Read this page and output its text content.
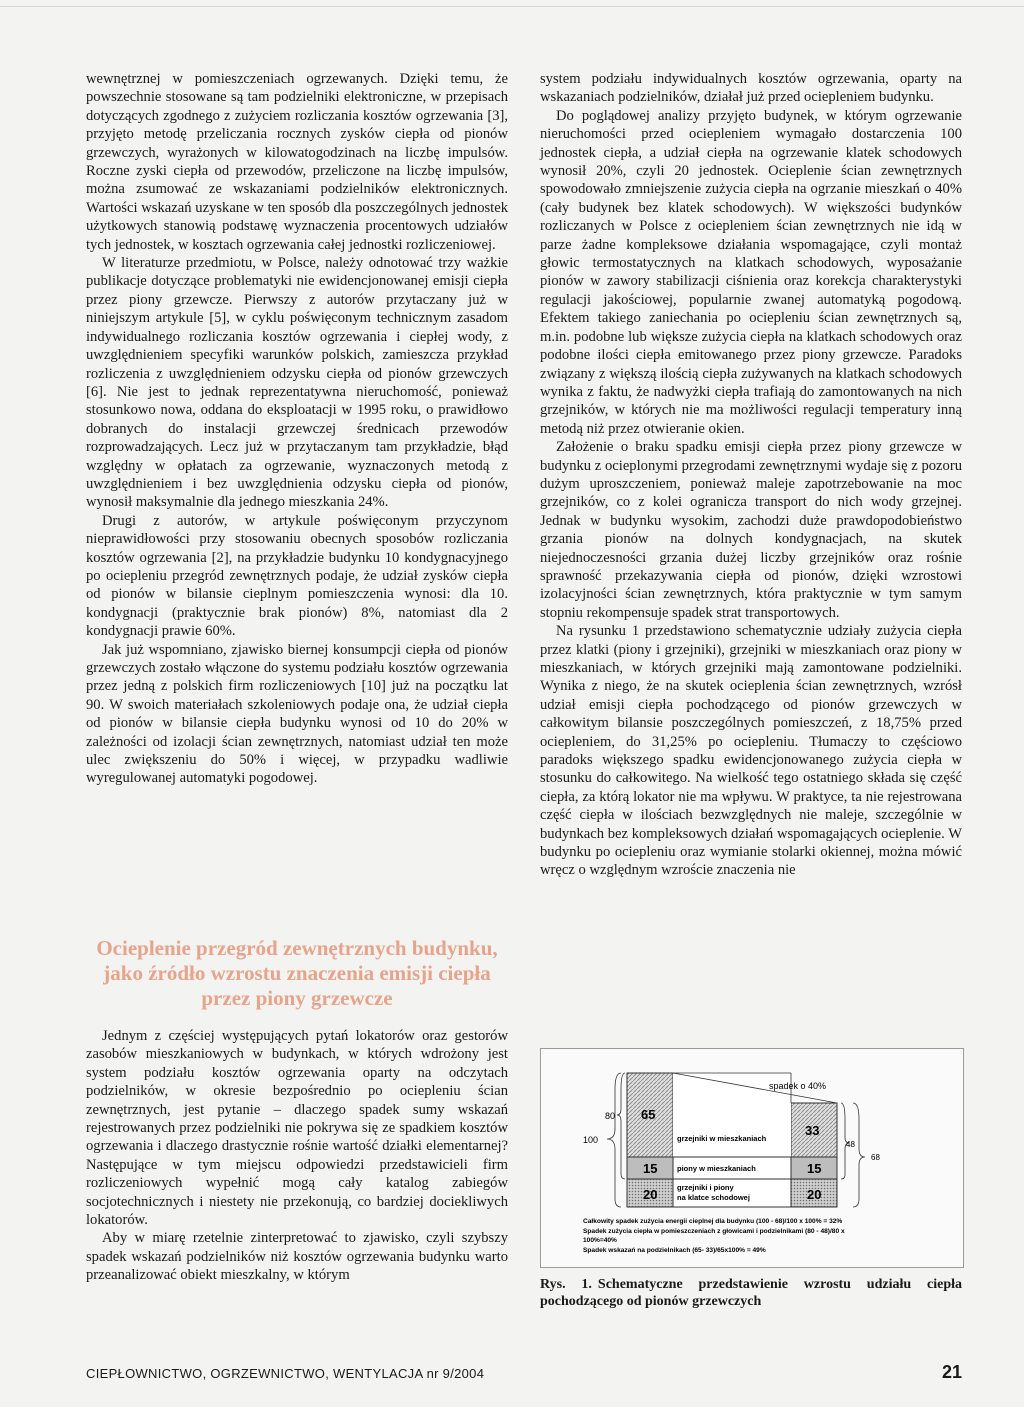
wewnętrznej w pomieszczeniach ogrzewanych. Dzięki temu, że powszechnie stosowane są tam podzielniki elektroniczne, w przepisach dotyczących zgodnego z zużyciem rozliczania kosztów ogrzewania [3], przyjęto metodę przeliczania rocznych zysków ciepła od pionów grzewczych, wyrażonych w kilowatogodzinach na liczbę impulsów. Roczne zyski ciepła od przewodów, przeliczone na liczbę impulsów, można zsumować ze wskazaniami podzielników elektronicznych. Wartości wskazań uzyskane w ten sposób dla poszczególnych jednostek użytkowych stanowią podstawę wyznaczenia procentowych udziałów tych jednostek, w kosztach ogrzewania całej jednostki rozliczeniowej.

W literaturze przedmiotu, w Polsce, należy odnotować trzy ważkie publikacje dotyczące problematyki nie ewidencjonowanej emisji ciepła przez piony grzewcze. Pierwszy z autorów przytaczany już w niniejszym artykule [5], w cyklu poświęconym technicznym zasadom indywidualnego rozliczania kosztów ogrzewania i ciepłej wody, z uwzględnieniem specyfiki warunków polskich, zamieszcza przykład rozliczenia z uwzględnieniem odzysku ciepła od pionów grzewczych [6]. Nie jest to jednak reprezentatywna nieruchomość, ponieważ stosunkowo nowa, oddana do eksploatacji w 1995 roku, o prawidłowo dobranych do instalacji grzewczej średnicach przewodów rozprowadzających. Lecz już w przytaczanym tam przykładzie, błąd względny w opłatach za ogrzewanie, wyznaczonych metodą z uwzględnieniem i bez uwzględnienia odzysku ciepła od pionów, wynosił maksymalnie dla jednego mieszkania 24%.

Drugi z autorów, w artykule poświęconym przyczynom nieprawidłowości przy stosowaniu obecnych sposobów rozliczania kosztów ogrzewania [2], na przykładzie budynku 10 kondygnacyjnego po ociepleniu przegród zewnętrznych podaje, że udział zysków ciepła od pionów w bilansie cieplnym pomieszczenia wynosi: dla 10. kondygnacji (praktycznie brak pionów) 8%, natomiast dla 2 kondygnacji prawie 60%.

Jak już wspomniano, zjawisko biernej konsumpcji ciepła od pionów grzewczych zostało włączone do systemu podziału kosztów ogrzewania przez jedną z polskich firm rozliczeniowych [10] już na początku lat 90. W swoich materiałach szkoleniowych podaje ona, że udział ciepła od pionów w bilansie ciepła budynku wynosi od 10 do 20% w zależności od izolacji ścian zewnętrznych, natomiast udział ten może ulec zwiększeniu do 50% i więcej, w przypadku wadliwie wyregulowanej automatyki pogodowej.

Ocieplenie przegród zewnętrznych budynku,
jako źródło wzrostu znaczenia emisji ciepła
przez piony grzewcze

Jednym z częściej występujących pytań lokatorów oraz gestorów zasobów mieszkaniowych w budynkach, w których wdrożony jest system podziału kosztów ogrzewania oparty na odczytach podzielników, w okresie bezpośrednio po ociepleniu ścian zewnętrznych, jest pytanie – dlaczego spadek sumy wskazań rejestrowanych przez podzielniki nie pokrywa się ze spadkiem kosztów ogrzewania i dlaczego drastycznie rośnie wartość działki elementarnej? Następujące w tym miejscu odpowiedzi przedstawicieli firm rozliczeniowych wypełnić mogą cały katalog zabiegów socjotechnicznych i niestety nie przekonują, co bardziej dociekliwych lokatorów.

Aby w miarę rzetelnie zinterpretować to zjawisko, czyli szybszy spadek wskazań podzielników niż kosztów ogrzewania budynku warto przeanalizować obiekt mieszkalny, w którym

system podziału indywidualnych kosztów ogrzewania, oparty na wskazaniach podzielników, działał już przed ociepleniem budynku.

Do poglądowej analizy przyjęto budynek, w którym ogrzewanie nieruchomości przed ociepleniem wymagało dostarczenia 100 jednostek ciepła, a udział ciepła na ogrzewanie klatek schodowych wynosił 20%, czyli 20 jednostek. Ocieplenie ścian zewnętrznych spowodowało zmniejszenie zużycia ciepła na ogrzanie mieszkań o 40% (cały budynek bez klatek schodowych). W większości budynków rozliczanych w Polsce z ociepleniem ścian zewnętrznych nie idą w parze żadne kompleksowe działania wspomagające, czyli montaż głowic termostatycznych na klatkach schodowych, wyposażanie pionów w zawory stabilizacji ciśnienia oraz korekcja charakterystyki regulacji jakościowej, popularnie zwanej automatyką pogodową. Efektem takiego zaniechania po ociepleniu ścian zewnętrznych są, m.in. podobne lub większe zużycia ciepła na klatkach schodowych oraz podobne ilości ciepła emitowanego przez piony grzewcze. Paradoks związany z większą ilością ciepła zużywanych na klatkach schodowych wynika z faktu, że nadwyżki ciepła trafiają do zamontowanych na nich grzejników, w których nie ma możliwości regulacji temperatury inną metodą niż przez otwieranie okien.

Założenie o braku spadku emisji ciepła przez piony grzewcze w budynku z ocieplonymi przegrodami zewnętrznymi wydaje się z pozoru dużym uproszczeniem, ponieważ maleje zapotrzebowanie na moc grzejników, co z kolei ogranicza transport do nich wody grzejnej. Jednak w budynku wysokim, zachodzi duże prawdopodobieństwo grzania pionów na dolnych kondygnacjach, na skutek niejednoczesności grzania dużej liczby grzejników oraz rośnie sprawność przekazywania ciepła od pionów, dzięki wzrostowi izolacyjności ścian zewnętrznych, która praktycznie w tym samym stopniu rekompensuje spadek strat transportowych.

Na rysunku 1 przedstawiono schematycznie udziały zużycia ciepła przez klatki (piony i grzejniki), grzejniki w mieszkaniach oraz piony w mieszkaniach, w których grzejniki mają zamontowane podzielniki. Wynika z niego, że na skutek ocieplenia ścian zewnętrznych, wzrósł udział emisji ciepła pochodzącego od pionów grzewczych w całkowitym bilansie poszczególnych pomieszczeń, z 18,75% przed ociepleniem, do 31,25% po ociepleniu. Tłumaczy to częściowo paradoks większego spadku ewidencjonowanego zużycia ciepła w stosunku do całkowitego. Na wielkość tego ostatniego składa się część ciepła, za którą lokator nie ma wpływu. W praktyce, ta nie rejestrowana część ciepła w ilościach bezwzględnych nie maleje, szczególnie w budynkach bez kompleksowych działań wspomagających ocieplenie. W budynku po ociepleniu oraz wymianie stolarki okiennej, można mówić wręcz o względnym wzroście znaczenia nie

spadek o 40%
100
80 65
33
48
68
15	15
20	20
grzejniki w mieszkaniach
piony w mieszkaniach
grzejniki i piony
na klatce schodowej
Całkowity spadek zużycia energii cieplnej dla budynku (100 - 68)/100 x 100% = 32%
Spadek zużycia ciepła w pomieszczeniach z głowicami i podzielnikami (80 - 48)/80 x
100%=40%
Spadek wskazań na podzielnikach (65- 33)/65x100% = 49%
Rys. 1. Schematyczne przedstawienie wzrostu udziału ciepła pochodzącego od pionów grzewczych
CIEPŁOWNICTWO, OGRZEWNICTWO, WENTYLACJA nr 9/2004	21
